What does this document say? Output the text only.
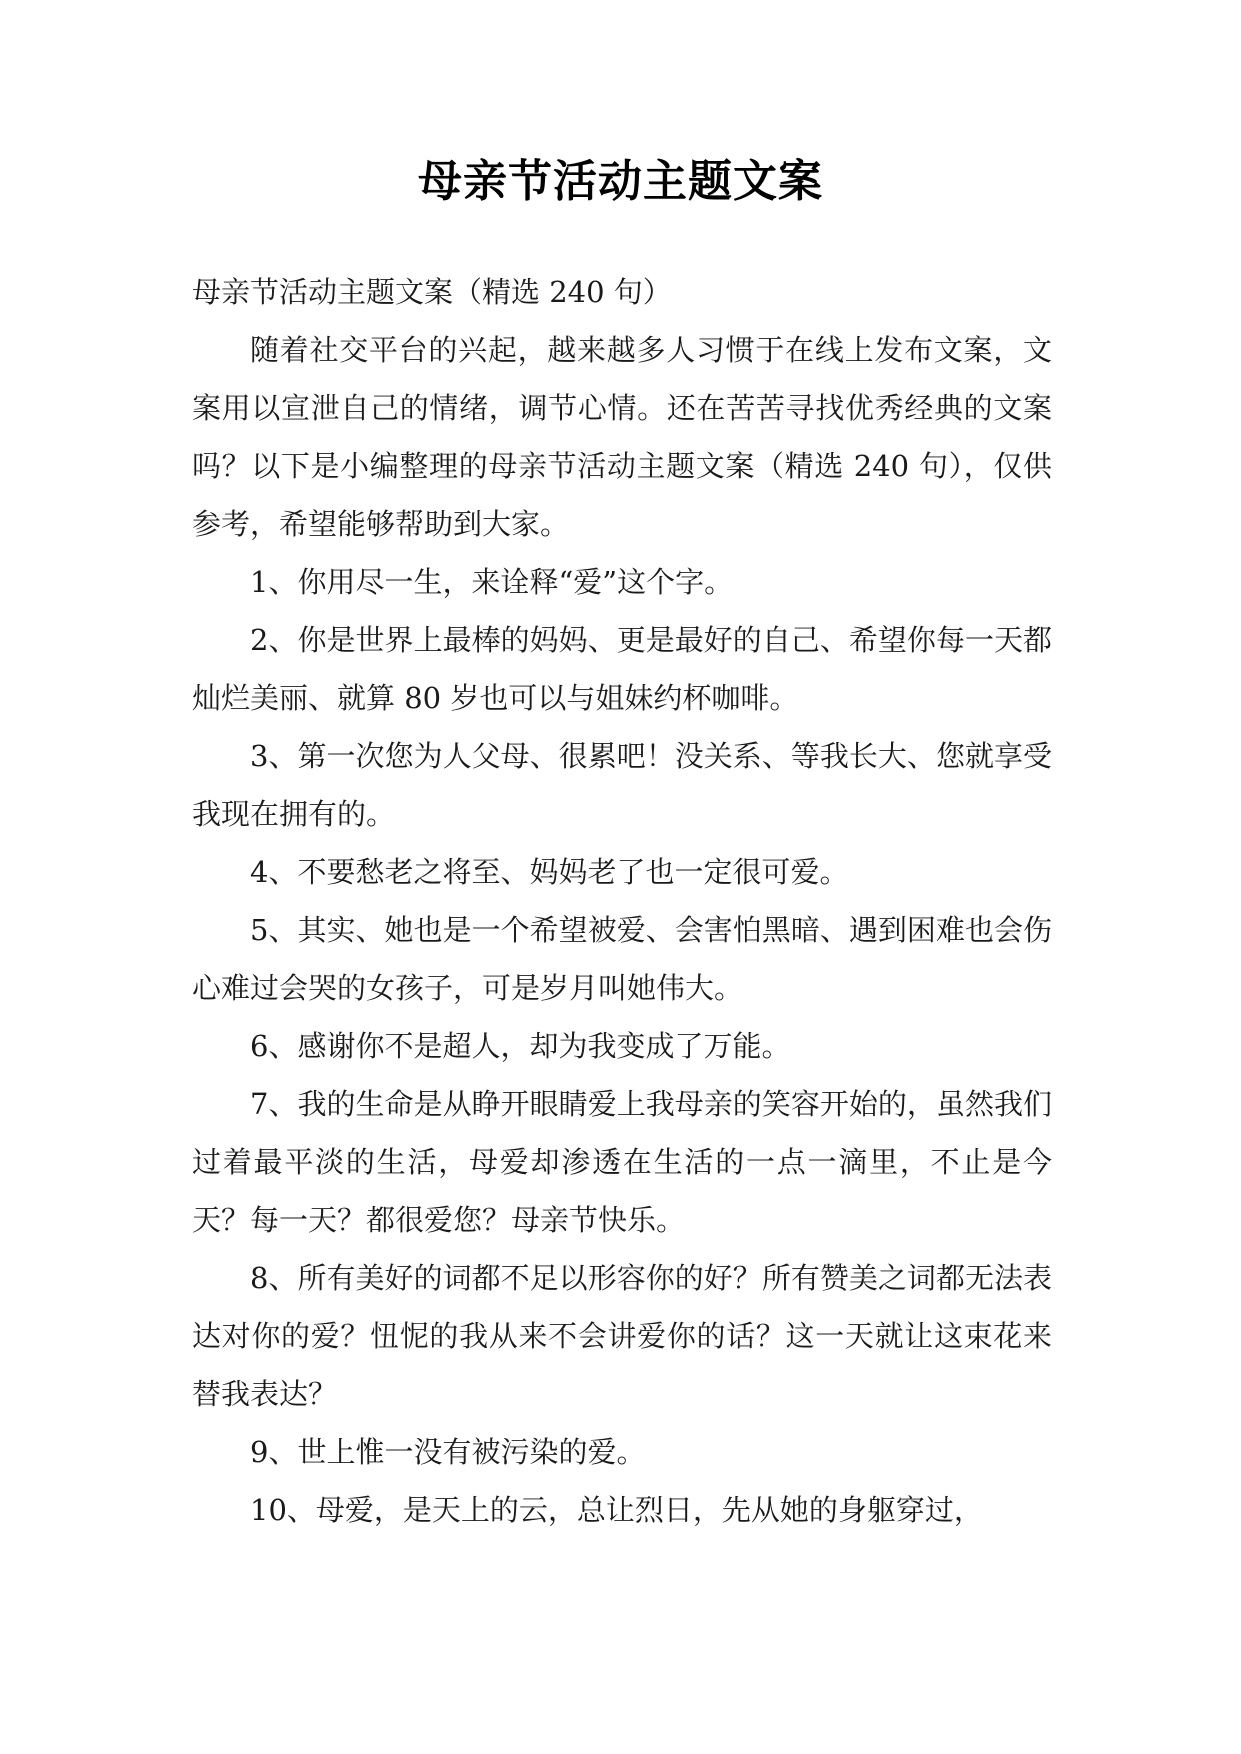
母亲节活动主题文案

母亲节活动主题文案（精选 240 句）

随着社交平台的兴起，越来越多人习惯于在线上发布文案，文案用以宣泄自己的情绪，调节心情。还在苦苦寻找优秀经典的文案吗？以下是小编整理的母亲节活动主题文案（精选 240 句），仅供参考，希望能够帮助到大家。

1、你用尽一生，来诠释“爱”这个字。

2、你是世界上最棒的妈妈、更是最好的自己、希望你每一天都灿烂美丽、就算 80 岁也可以与姐妹约杯咖啡。

3、第一次您为人父母、很累吧！没关系、等我长大、您就享受我现在拥有的。

4、不要愁老之将至、妈妈老了也一定很可爱。

5、其实、她也是一个希望被爱、会害怕黑暗、遇到困难也会伤心难过会哭的女孩子，可是岁月叫她伟大。

6、感谢你不是超人，却为我变成了万能。

7、我的生命是从睁开眼睛爱上我母亲的笑容开始的，虽然我们过着最平淡的生活，母爱却渗透在生活的一点一滴里，不止是今天？每一天？都很爱您？母亲节快乐。

8、所有美好的词都不足以形容你的好？所有赞美之词都无法表达对你的爱？忸怩的我从来不会讲爱你的话？这一天就让这束花来替我表达？

9、世上惟一没有被污染的爱。

10、母爱，是天上的云，总让烈日，先从她的身躯穿过，
